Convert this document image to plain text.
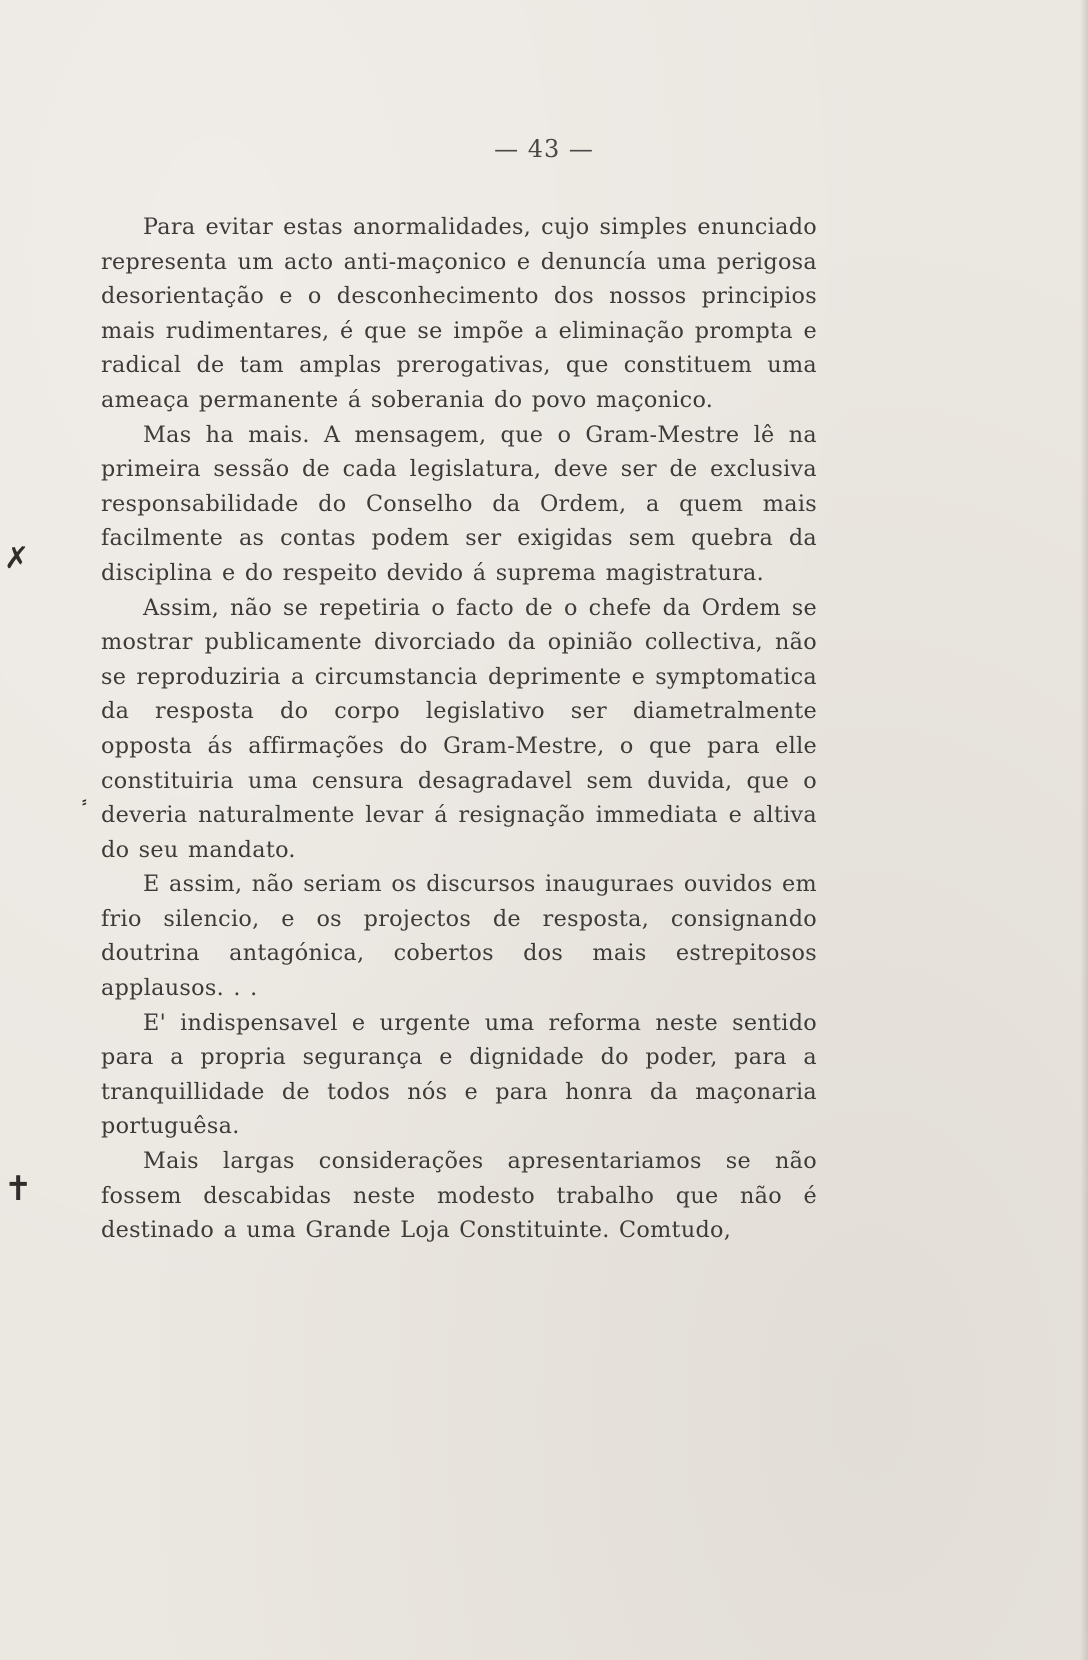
— 43 —
✗
✝
⸗

Para evitar estas anormalidades, cujo simples enunciado representa um acto anti-maçonico e denuncía uma perigosa desorientação e o desconhecimento dos nossos principios mais rudimentares, é que se impõe a eliminação prompta e radical de tam amplas prerogativas, que constituem uma ameaça permanente á soberania do povo maçonico.

Mas ha mais. A mensagem, que o Gram-Mestre lê na primeira sessão de cada legislatura, deve ser de exclusiva responsabilidade do Conselho da Ordem, a quem mais facilmente as contas podem ser exigidas sem quebra da disciplina e do respeito devido á suprema magistratura.

Assim, não se repetiria o facto de o chefe da Ordem se mostrar publicamente divorciado da opinião collectiva, não se reproduziria a circumstancia deprimente e symptomatica da resposta do corpo legislativo ser diametralmente opposta ás affirmações do Gram-Mestre, o que para elle constituiria uma censura desagradavel sem duvida, que o deveria naturalmente levar á resignação immediata e altiva do seu mandato.

E assim, não seriam os discursos inauguraes ouvidos em frio silencio, e os projectos de resposta, consignando doutrina antagónica, cobertos dos mais estrepitosos applausos. . .

E' indispensavel e urgente uma reforma neste sentido para a propria segurança e dignidade do poder, para a tranquillidade de todos nós e para honra da maçonaria portuguêsa.

Mais largas considerações apresentariamos se não fossem descabidas neste modesto trabalho que não é destinado a uma Grande Loja Constituinte. Comtudo,
